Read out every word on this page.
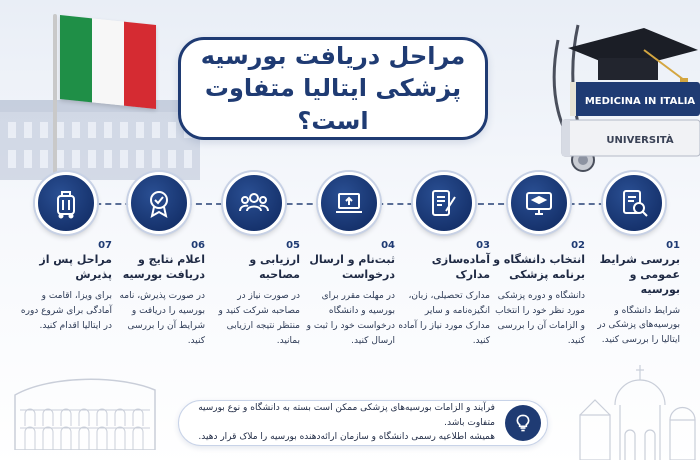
مراحل دریافت بورسیه
پزشکی ایتالیا متفاوت است؟
MEDICINA IN ITALIA
UNIVERSITÀ
01
بررسی شرایط عمومی و بورسیه
شرایط دانشگاه و بورسیه‌های پزشکی در ایتالیا را بررسی کنید.
02
انتخاب دانشگاه و برنامه پزشکی
دانشگاه و دوره پزشکی مورد نظر خود را انتخاب و الزامات آن را بررسی کنید.
03
آماده‌سازی مدارک
مدارک تحصیلی، زبان، انگیزه‌نامه و سایر مدارک مورد نیاز را آماده کنید.
04
ثبت‌نام و ارسال درخواست
در مهلت مقرر برای بورسیه و دانشگاه درخواست خود را ثبت و ارسال کنید.
05
ارزیابی و مصاحبه
در صورت نیاز در مصاحبه شرکت کنید و منتظر نتیجه ارزیابی بمانید.
06
اعلام نتایج و دریافت بورسیه
در صورت پذیرش، نامه بورسیه را دریافت و شرایط آن را بررسی کنید.
07
مراحل پس از پذیرش
برای ویزا، اقامت و آمادگی برای شروع دوره در ایتالیا اقدام کنید.
فرآیند و الزامات بورسیه‌های پزشکی ممکن است بسته به دانشگاه و نوع بورسیه متفاوت باشد.
همیشه اطلاعیه رسمی دانشگاه و سازمان ارائه‌دهنده بورسیه را ملاک قرار دهید.
